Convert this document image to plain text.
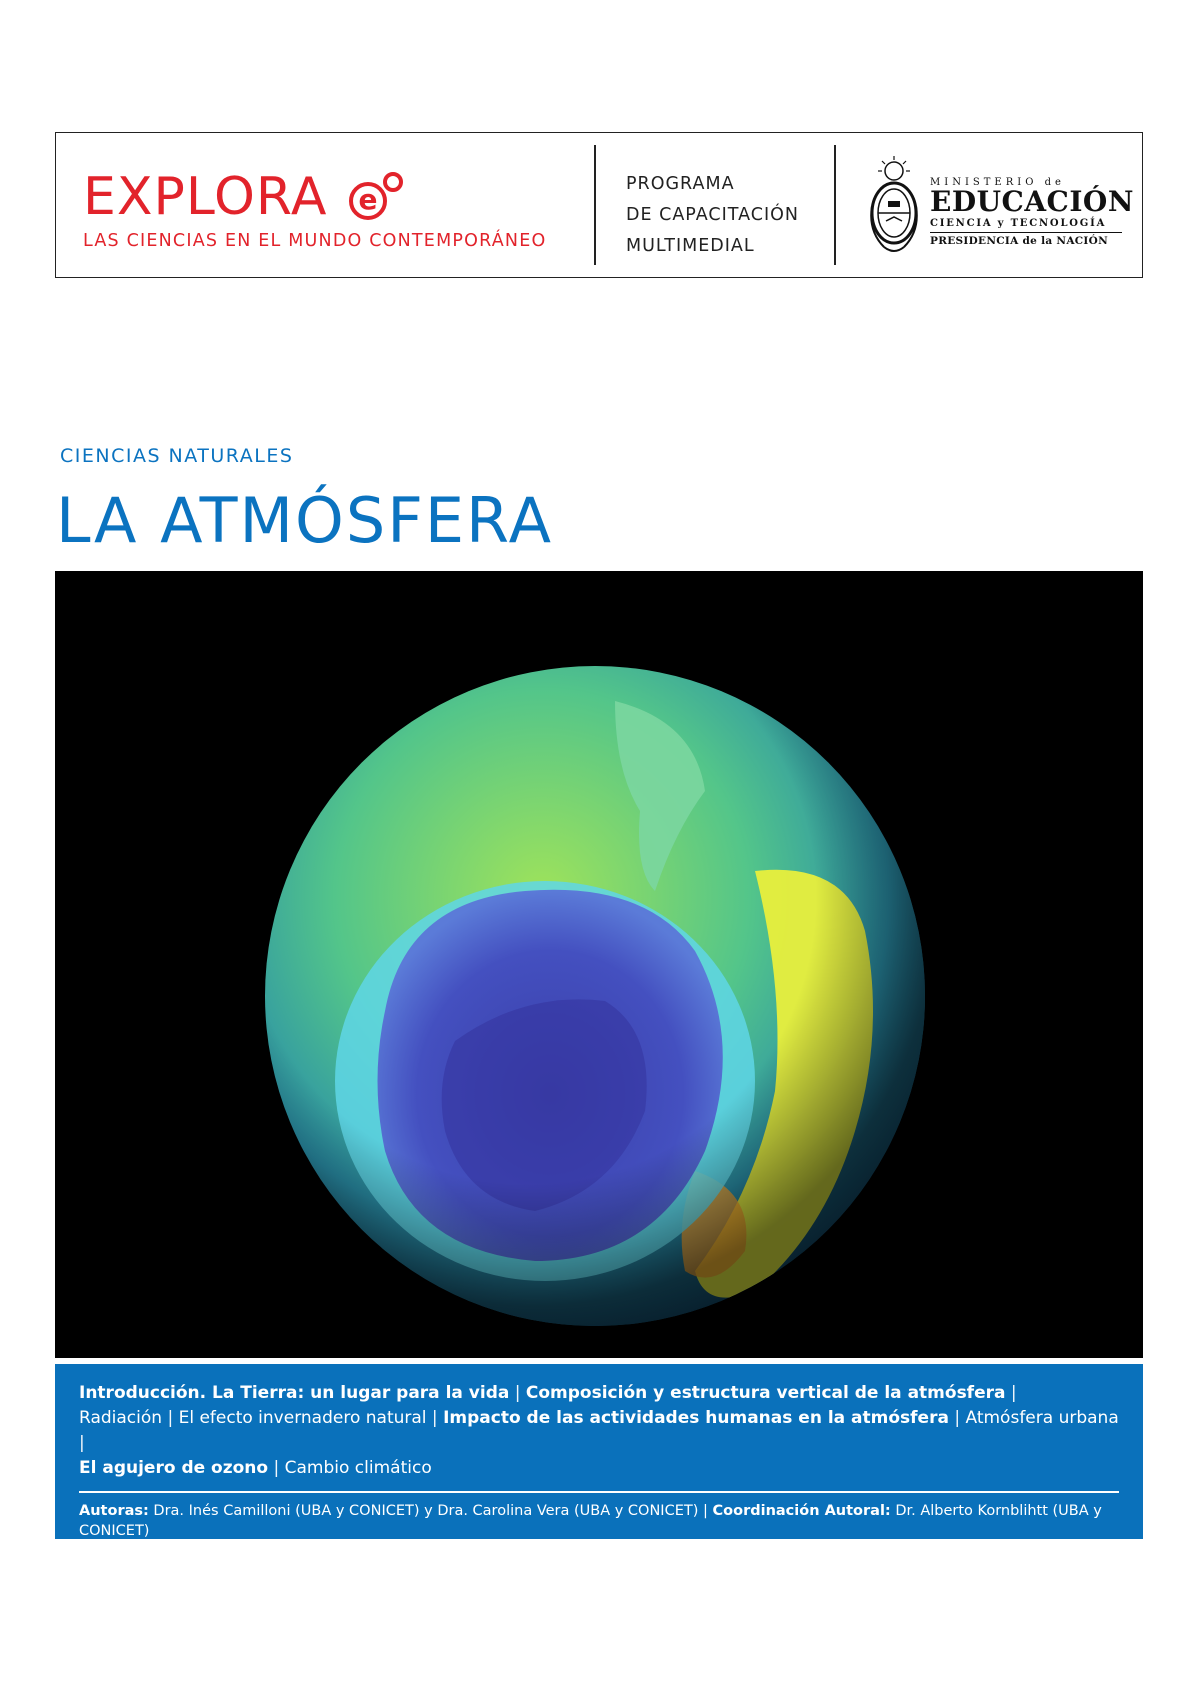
EXPLORA	e
LAS CIENCIAS EN EL MUNDO CONTEMPORÁNEO
PROGRAMA
DE CAPACITACIÓN
MULTIMEDIAL
MINISTERIO de
EDUCACIÓN
CIENCIA y TECNOLOGÍA
PRESIDENCIA de la NACIÓN
CIENCIAS NATURALES
LA ATMÓSFERA
Introducción. La Tierra: un lugar para la vida | Composición y estructura vertical de la atmósfera |
Radiación | El efecto invernadero natural | Impacto de las actividades humanas en la atmósfera | Atmósfera urbana |
El agujero de ozono | Cambio climático
Autoras: Dra. Inés Camilloni (UBA y CONICET) y Dra. Carolina Vera (UBA y CONICET) | Coordinación Autoral: Dr. Alberto Kornblihtt (UBA y CONICET)
